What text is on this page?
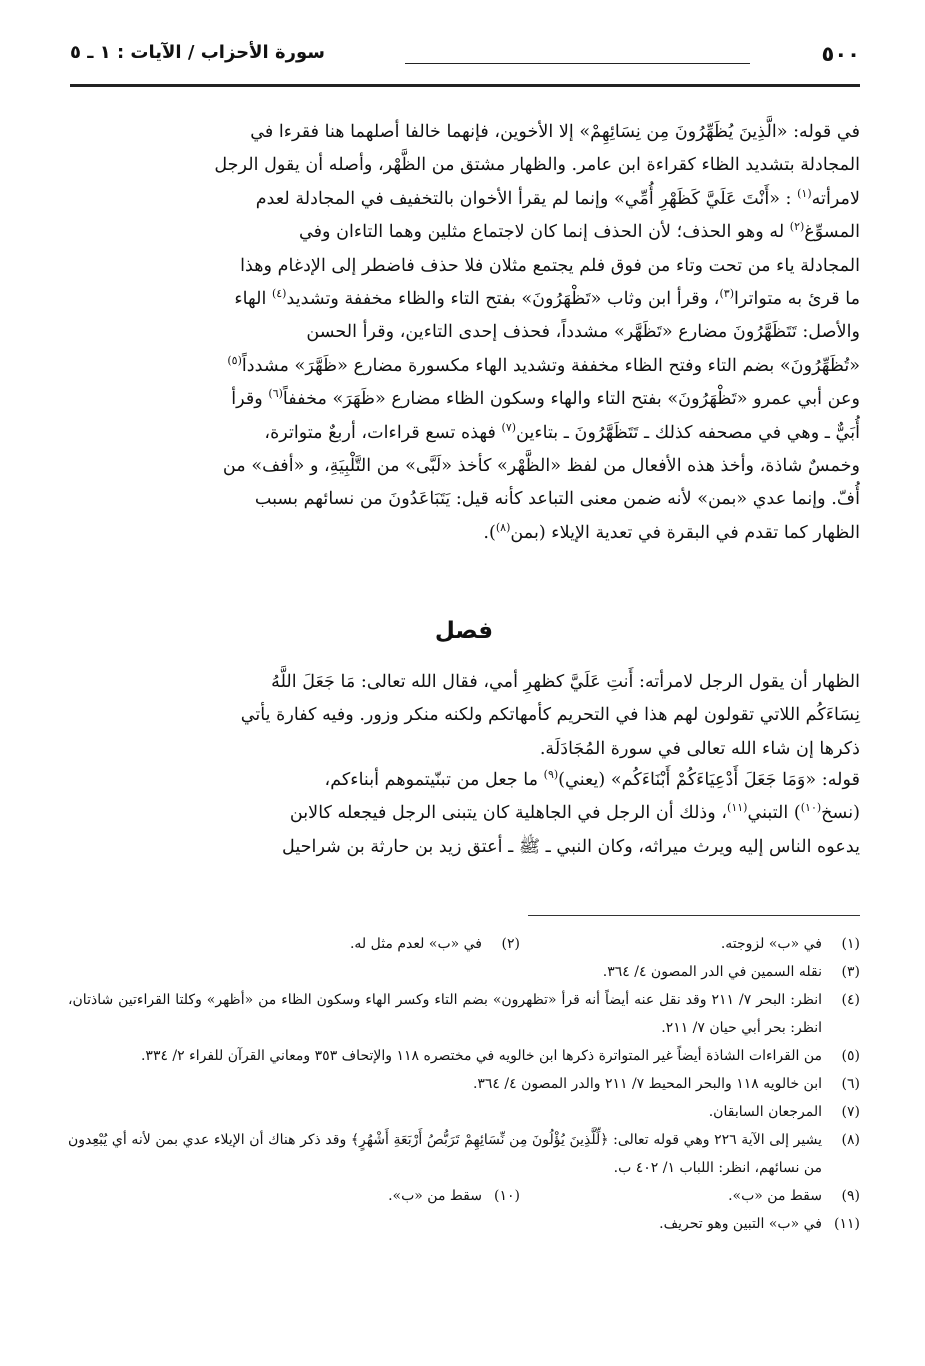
٥٠٠
سورة الأحزاب / الآيات : ١ ـ ٥

في قوله: «الَّذِينَ يُظَهِّرُونَ مِن نِسَائِهِمْ» إلا الأخوين، فإنهما خالفا أصلهما هنا فقرءا في

المجادلة بتشديد الظاء كقراءة ابن عامر. والظهار مشتق من الظَّهْر، وأصله أن يقول الرجل

لامرأته$^{(١)}$ : «أَنْتَ عَلَيَّ كَظَهْرِ أُمِّي» وإنما لم يقرأ الأخوان بالتخفيف في المجادلة لعدم

المسوِّغ$^{(٢)}$ له وهو الحذف؛ لأن الحذف إنما كان لاجتماع مثلين وهما التاءان وفي

المجادلة ياء من تحت وتاء من فوق فلم يجتمع مثلان فلا حذف فاضطر إلى الإدغام وهذا

ما قرئ به متواترا$^{(٣)}$، وقرأ ابن وثاب «تَظْهَرُونَ» بفتح التاء والظاء مخففة وتشديد$^{(٤)}$ الهاء

والأصل: تَتَظَهَّرُونَ مضارع «تَظَهَّر» مشدداً، فحذف إحدى التاءين، وقرأ الحسن

«تُظَهِّرُونَ» بضم التاء وفتح الظاء مخففة وتشديد الهاء مكسورة مضارع «ظَهَّرَ» مشدداً$^{(٥)}$

وعن أبي عمرو «تَظْهَرُونَ» بفتح التاء والهاء وسكون الظاء مضارع «ظَهَرَ» مخففاً$^{(٦)}$ وقرأ

أُبَيٌّ ـ وهي في مصحفه كذلك ـ تَتَظَهَّرُونَ ـ بتاءين$^{(٧)}$ فهذه تسع قراءات، أربعٌ متواترة،

وخمسٌ شاذة، وأخذ هذه الأفعال من لفظ «الظَّهْر» كأخذ «لَبَّى» من التَّلْبِيَةِ، و «أفف» من

أُفّ. وإنما عدي «بمن» لأنه ضمن معنى التباعد كأنه قيل: يَتَبَاعَدُونَ من نسائهم بسبب

الظهار كما تقدم في البقرة في تعدية الإيلاء (بمن$^{(٨)}$).

فصل

الظهار أن يقول الرجل لامرأته: أَنتِ عَلَيَّ كظهرِ أمي، فقال الله تعالى: مَا جَعَلَ اللَّهُ

نِسَاءَكُم اللاتي تقولون لهم هذا في التحريم كأمهاتكم ولكنه منكر وزور. وفيه كفارة يأتي

ذكرها إن شاء الله تعالى في سورة المُجَادَلَة.

قوله: «وَمَا جَعَلَ أَدْعِيَاءَكُمْ أَبْنَاءَكُم» (يعني)$^{(٩)}$ ما جعل من تبنّيتموهم أبناءكم،

(نسخ$^{(١٠)}$) التبني$^{(١١)}$، وذلك أن الرجل في الجاهلية كان يتبنى الرجل فيجعله كالابن

يدعوه الناس إليه ويرث ميراثه، وكان النبي ـ ﷺ ـ أعتق زيد بن حارثة بن شراحيل

(١)
في «ب» لزوجته.
(٢)
في «ب» لعدم مثل له.
(٣)
نقله السمين في الدر المصون ٤/ ٣٦٤.
(٤)
انظر: البحر ٧/ ٢١١ وقد نقل عنه أيضاً أنه قرأ «تظهرون» بضم التاء وكسر الهاء وسكون الظاء من «أظهر» وكلتا القراءتين شاذتان، انظر: بحر أبي حيان ٧/ ٢١١.
(٥)
من القراءات الشاذة أيضاً غير المتواترة ذكرها ابن خالويه في مختصره ١١٨ والإتحاف ٣٥٣ ومعاني القرآن للفراء ٢/ ٣٣٤.
(٦)
ابن خالويه ١١٨ والبحر المحيط ٧/ ٢١١ والدر المصون ٤/ ٣٦٤.
(٧)
المرجعان السابقان.
(٨)
يشير إلى الآية ٢٢٦ وهي قوله تعالى: ﴿لِّلَّذِينَ يُؤْلُونَ مِن نِّسَائِهِمْ تَرَبُّصُ أَرْبَعَةِ أَشْهُرٍ﴾ وقد ذكر هناك أن الإيلاء عدي بمن لأنه أي يُبْعِدون من نسائهم، انظر: اللباب ١/ ٤٠٢ ب.
(٩)
سقط من «ب».
(١٠)
سقط من «ب».
(١١)
في «ب» التبين وهو تحريف.
